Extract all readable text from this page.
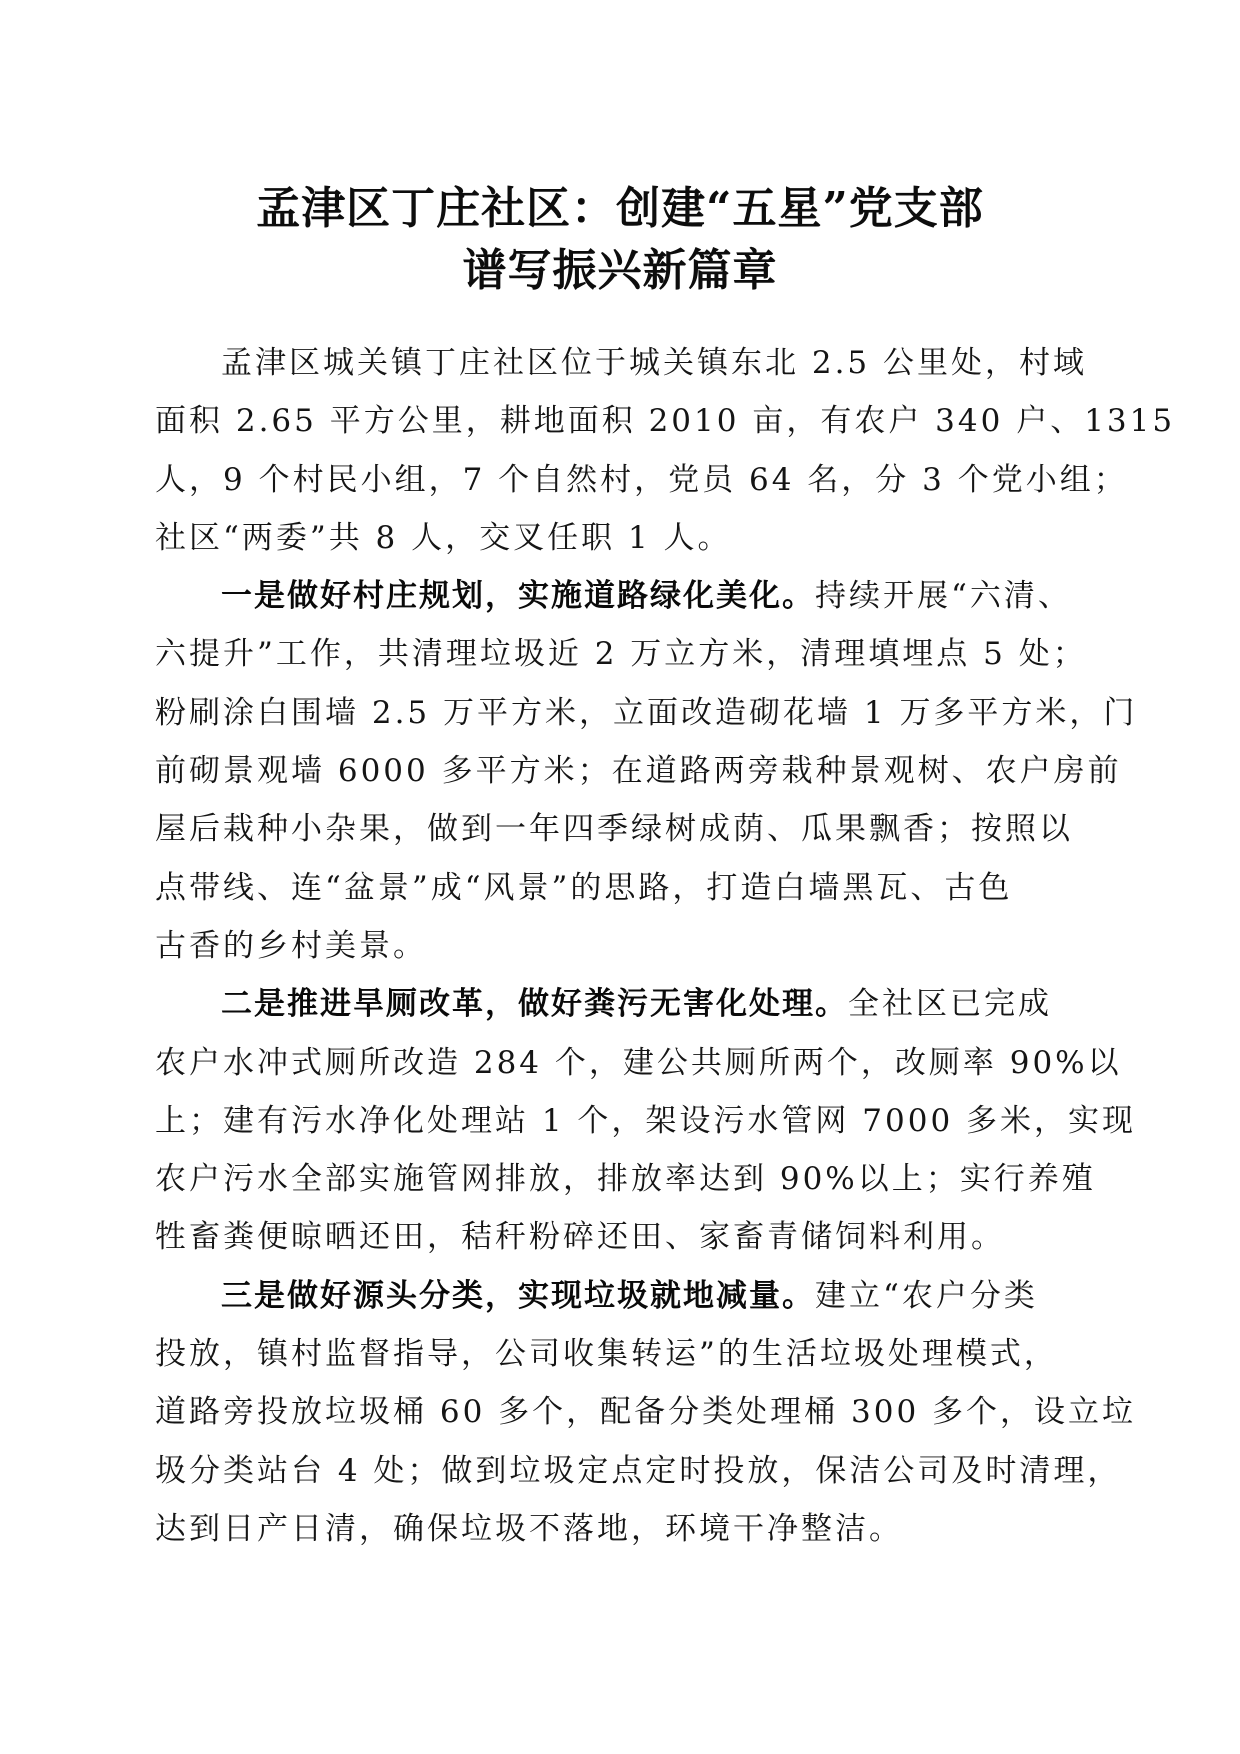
孟津区丁庄社区：创建“五星”党支部
谱写振兴新篇章
孟津区城关镇丁庄社区位于城关镇东北 2.5 公里处，村域
面积 2.65 平方公里，耕地面积 2010 亩，有农户 340 户、1315
人，9 个村民小组，7 个自然村，党员 64 名，分 3 个党小组；
社区“两委”共 8 人，交叉任职 1 人。
一是做好村庄规划，实施道路绿化美化。持续开展“六清、
六提升”工作，共清理垃圾近 2 万立方米，清理填埋点 5 处；
粉刷涂白围墙 2.5 万平方米，立面改造砌花墙 1 万多平方米，门
前砌景观墙 6000 多平方米；在道路两旁栽种景观树、农户房前
屋后栽种小杂果，做到一年四季绿树成荫、瓜果飘香；按照以
点带线、连“盆景”成“风景”的思路，打造白墙黑瓦、古色
古香的乡村美景。
二是推进旱厕改革，做好粪污无害化处理。全社区已完成
农户水冲式厕所改造 284 个，建公共厕所两个，改厕率 90%以
上；建有污水净化处理站 1 个，架设污水管网 7000 多米，实现
农户污水全部实施管网排放，排放率达到 90%以上；实行养殖
牲畜粪便晾晒还田，秸秆粉碎还田、家畜青储饲料利用。
三是做好源头分类，实现垃圾就地减量。建立“农户分类
投放，镇村监督指导，公司收集转运”的生活垃圾处理模式，
道路旁投放垃圾桶 60 多个，配备分类处理桶 300 多个，设立垃
圾分类站台 4 处；做到垃圾定点定时投放，保洁公司及时清理，
达到日产日清，确保垃圾不落地，环境干净整洁。
